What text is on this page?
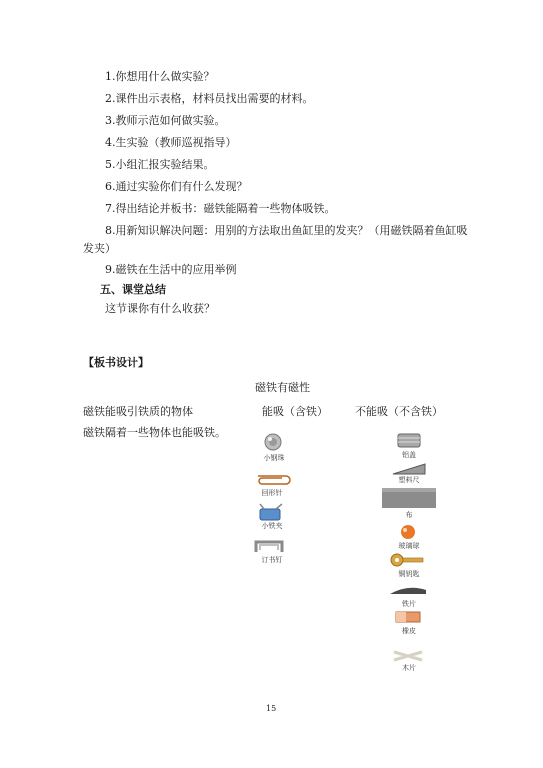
1.你想用什么做实验？
2.课件出示表格，材料员找出需要的材料。
3.教师示范如何做实验。
4.生实验（教师巡视指导）
5.小组汇报实验结果。
6.通过实验你们有什么发现？
7.得出结论并板书：磁铁能隔着一些物体吸铁。
8.用新知识解决问题：用别的方法取出鱼缸里的发夹？（用磁铁隔着鱼缸吸
发夹）
9.磁铁在生活中的应用举例
五、课堂总结
这节课你有什么收获？
【板书设计】
磁铁有磁性
磁铁能吸引铁质的物体	能吸（含铁） 不能吸（不含铁）
磁铁隔着一些物体也能吸铁。
小钢珠
回形针
小铁夹
订书钉
铝盖
塑料尺
布
玻璃球
铜钥匙
铁片
橡皮
木片
15
